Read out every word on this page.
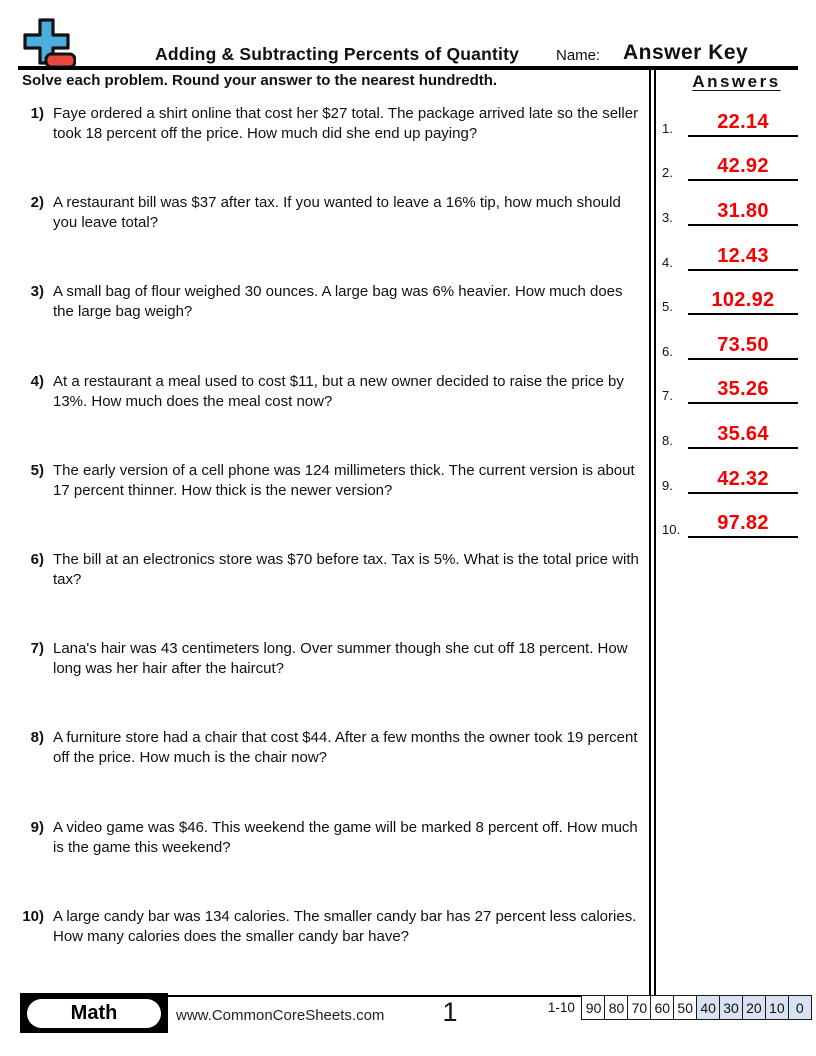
Adding & Subtracting Percents of Quantity Name: Answer Key
Solve each problem. Round your answer to the nearest hundredth.
1) Faye ordered a shirt online that cost her $27 total. The package arrived late so the seller took 18 percent off the price. How much did she end up paying?
2) A restaurant bill was $37 after tax. If you wanted to leave a 16% tip, how much should you leave total?
3) A small bag of flour weighed 30 ounces. A large bag was 6% heavier. How much does the large bag weigh?
4) At a restaurant a meal used to cost $11, but a new owner decided to raise the price by 13%. How much does the meal cost now?
5) The early version of a cell phone was 124 millimeters thick. The current version is about 17 percent thinner. How thick is the newer version?
6) The bill at an electronics store was $70 before tax. Tax is 5%. What is the total price with tax?
7) Lana's hair was 43 centimeters long. Over summer though she cut off 18 percent. How long was her hair after the haircut?
8) A furniture store had a chair that cost $44. After a few months the owner took 19 percent off the price. How much is the chair now?
9) A video game was $46. This weekend the game will be marked 8 percent off. How much is the game this weekend?
10) A large candy bar was 134 calories. The smaller candy bar has 27 percent less calories. How many calories does the smaller candy bar have?
Answers
1.	22.14
2.	42.92
3.	31.80
4.	12.43
5.	102.92
6.	73.50
7.	35.26
8.	35.64
9.	42.32
10.	97.82
Math	www.CommonCoreSheets.com	1	1-10 90 80 70 60 50 40 30 20 10 0
